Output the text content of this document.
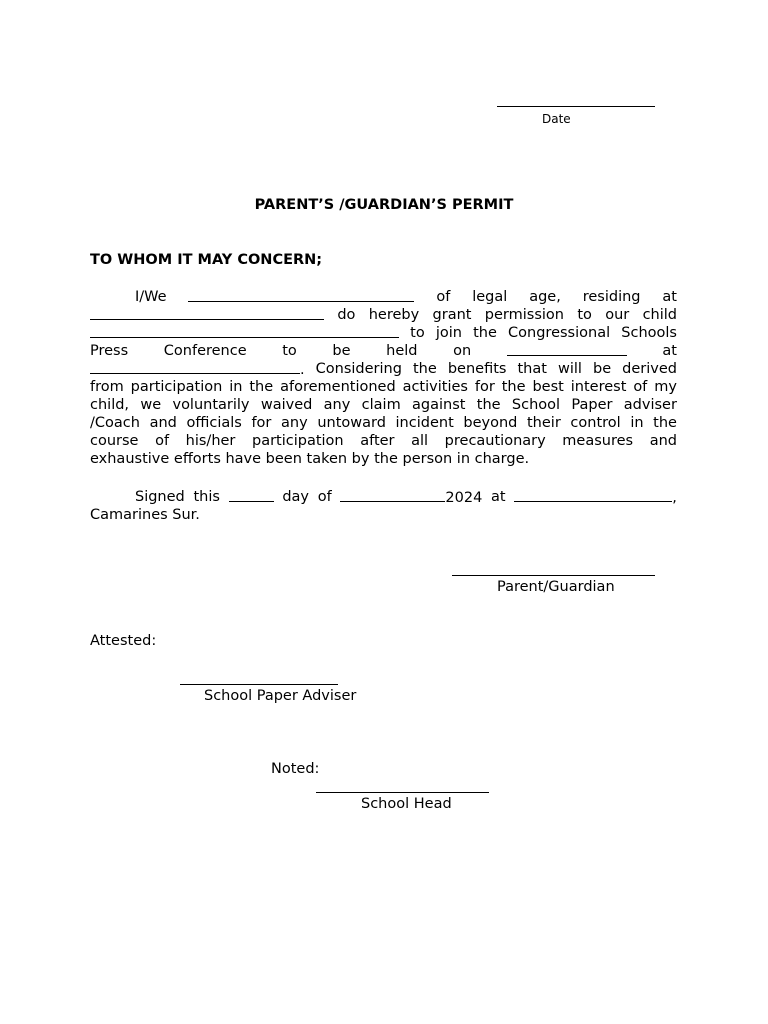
Date
PARENT’S /GUARDIAN’S PERMIT
TO WHOM IT MAY CONCERN;
I/We	of legal age, residing at
do hereby grant permission to our child
to join the Congressional Schools
Press Conference to be held on	at
. Considering the benefits that will be derived
from participation in the aforementioned activities for the best interest of my
child, we voluntarily waived any claim against the School Paper adviser
/Coach and officials for any untoward incident beyond their control in the
course of his/her participation after all precautionary measures and
exhaustive efforts have been taken by the person in charge.
Signed this	day of	2024 at	,
Camarines Sur.
Parent/Guardian
Attested:
School Paper Adviser
Noted:
School Head
